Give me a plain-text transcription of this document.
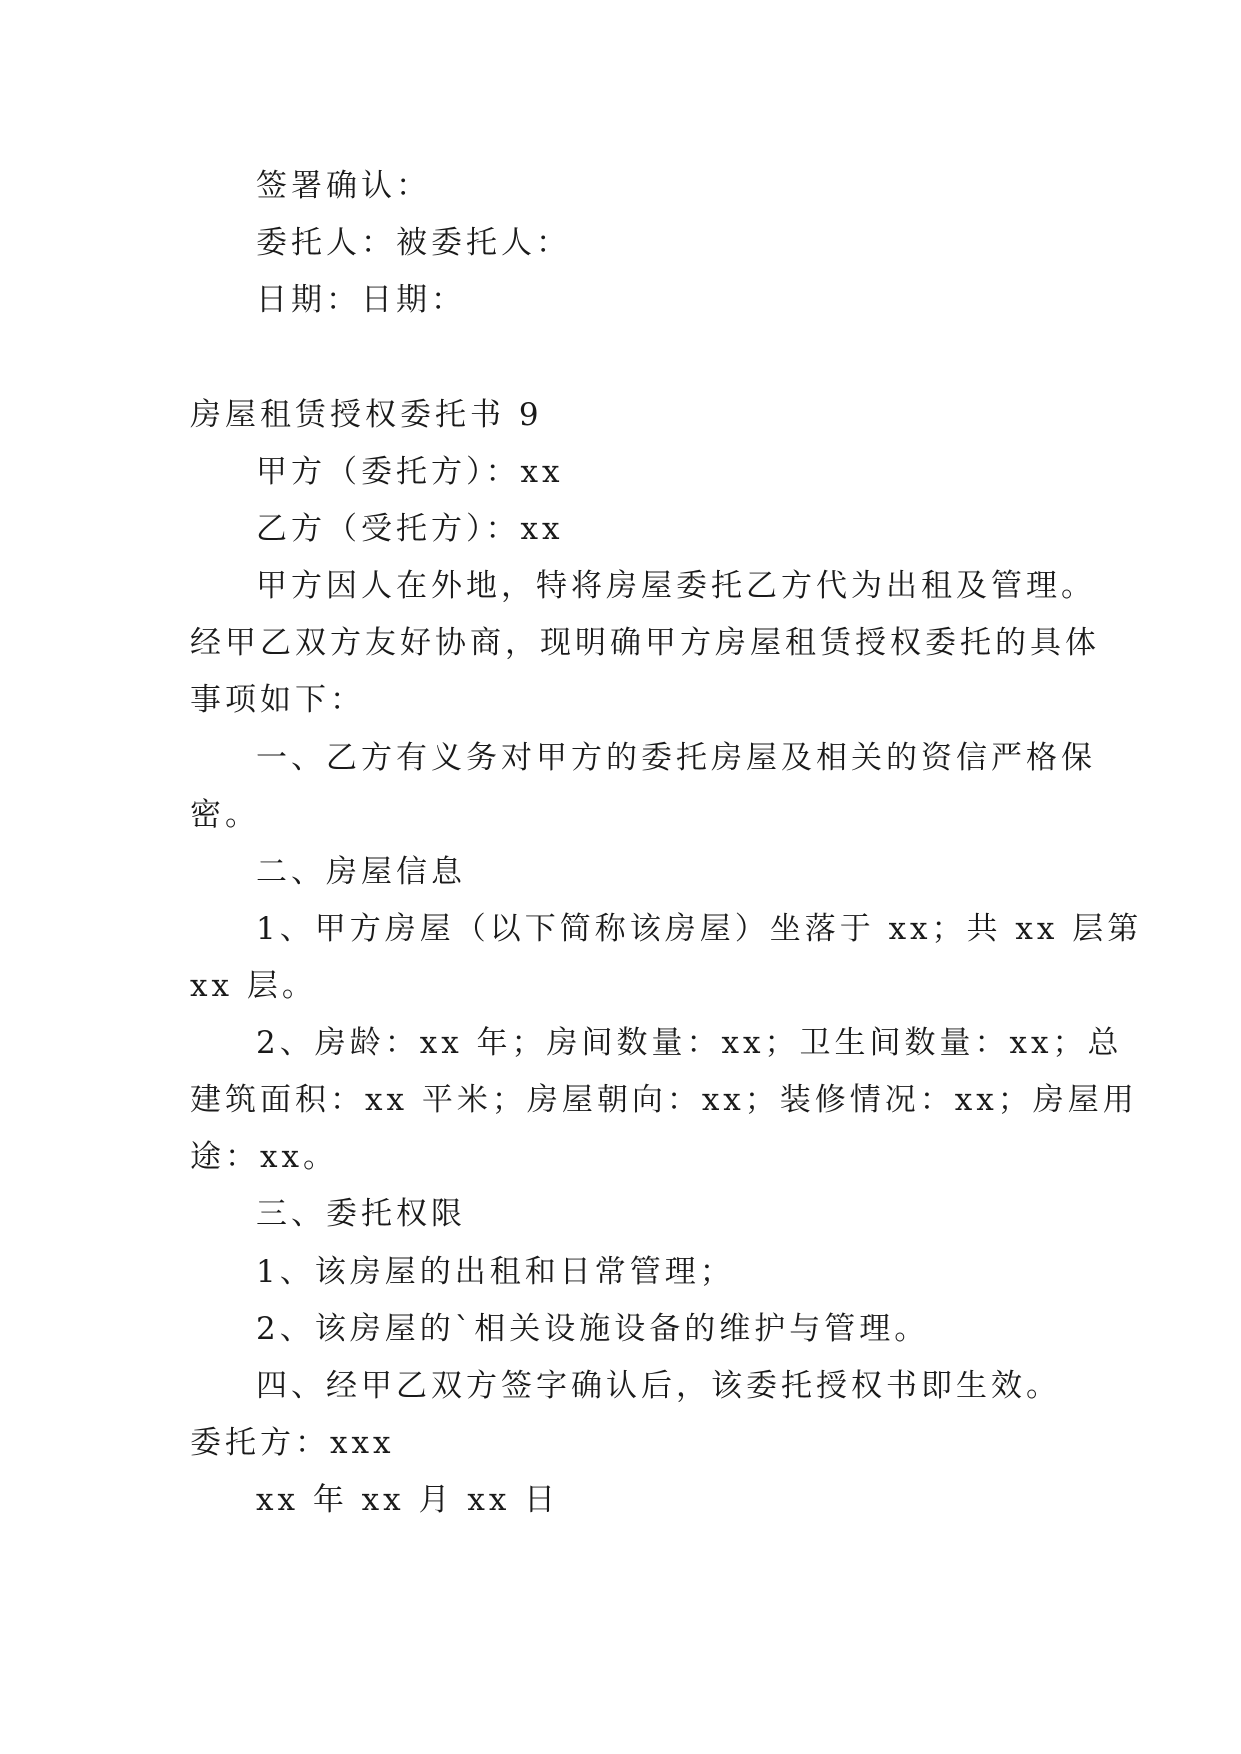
签署确认：
委托人：被委托人：
日期：日期：
房屋租赁授权委托书 9
甲方（委托方）：xx
乙方（受托方）：xx
甲方因人在外地，特将房屋委托乙方代为出租及管理。
经甲乙双方友好协商，现明确甲方房屋租赁授权委托的具体
事项如下：
一、乙方有义务对甲方的委托房屋及相关的资信严格保
密。
二、房屋信息
1、甲方房屋（以下简称该房屋）坐落于 xx；共 xx 层第
xx 层。
2、房龄：xx 年；房间数量：xx；卫生间数量：xx；总
建筑面积：xx 平米；房屋朝向：xx；装修情况：xx；房屋用
途：xx。
三、委托权限
1、该房屋的出租和日常管理；
2、该房屋的`相关设施设备的维护与管理。
四、经甲乙双方签字确认后，该委托授权书即生效。
委托方：xxx
xx 年 xx 月 xx 日
